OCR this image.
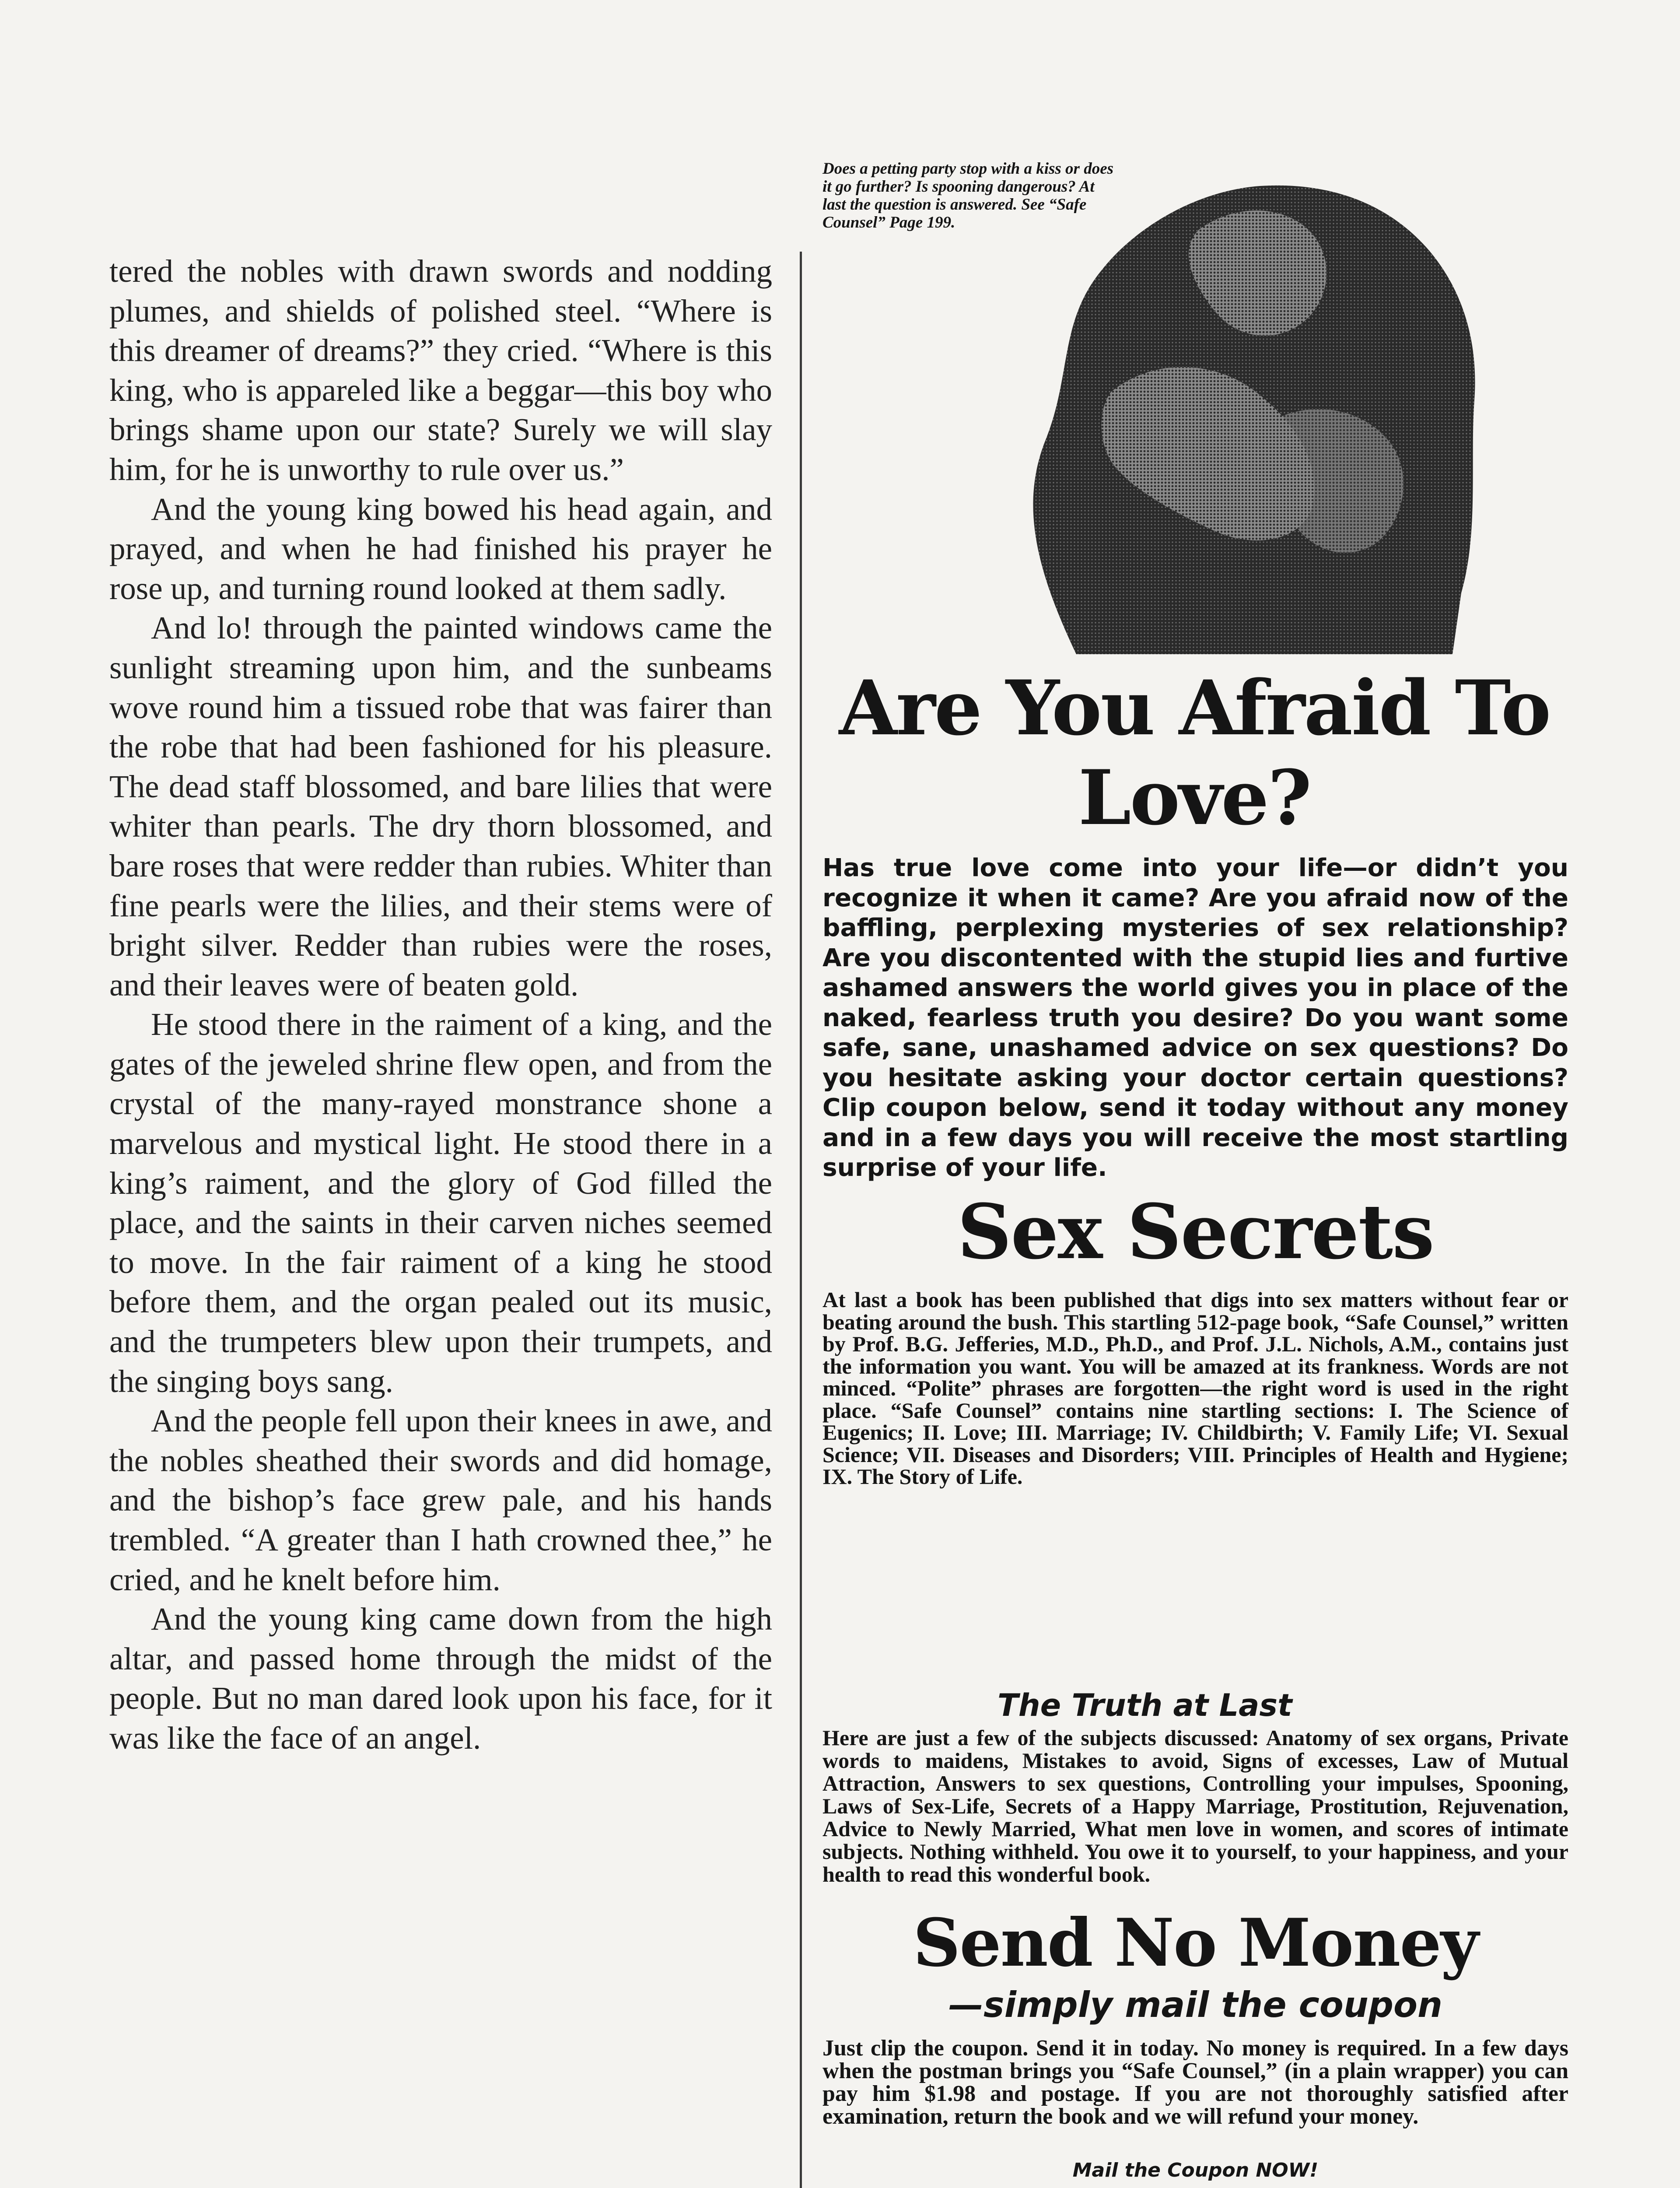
tered the nobles with drawn swords and nodding plumes, and shields of polished steel. “Where is this dreamer of dreams?” they cried. “Where is this king, who is appareled like a beggar—this boy who brings shame upon our state? Surely we will slay him, for he is unworthy to rule over us.”

And the young king bowed his head again, and prayed, and when he had finished his prayer he rose up, and turning round looked at them sadly.

And lo! through the painted windows came the sunlight streaming upon him, and the sunbeams wove round him a tissued robe that was fairer than the robe that had been fashioned for his pleasure. The dead staff blossomed, and bare lilies that were whiter than pearls. The dry thorn blossomed, and bare roses that were redder than rubies. Whiter than fine pearls were the lilies, and their stems were of bright silver. Redder than rubies were the roses, and their leaves were of beaten gold.

He stood there in the raiment of a king, and the gates of the jeweled shrine flew open, and from the crystal of the many-rayed monstrance shone a marvelous and mystical light. He stood there in a king’s raiment, and the glory of God filled the place, and the saints in their carven niches seemed to move. In the fair raiment of a king he stood before them, and the organ pealed out its music, and the trumpeters blew upon their trumpets, and the singing boys sang.

And the people fell upon their knees in awe, and the nobles sheathed their swords and did homage, and the bishop’s face grew pale, and his hands trembled. “A greater than I hath crowned thee,” he cried, and he knelt before him.

And the young king came down from the high altar, and passed home through the midst of the people. But no man dared look upon his face, for it was like the face of an angel.

Does a petting party stop with a kiss or does it go further? Is spooning dangerous? At last the question is answered. See “Safe Counsel” Page 199.
Are You Afraid To Love?
Has true love come into your life—or didn’t you recognize it when it came? Are you afraid now of the baffling, perplexing mysteries of sex relationship? Are you discontented with the stupid lies and furtive ashamed answers the world gives you in place of the naked, fearless truth you desire? Do you want some safe, sane, unashamed advice on sex questions? Do you hesitate asking your doctor certain questions? Clip coupon below, send it today without any money and in a few days you will receive the most startling surprise of your life.
Sex Secrets
At last a book has been published that digs into sex matters without fear or beating around the bush. This startling 512-page book, “Safe Counsel,” written by Prof. B.G. Jefferies, M.D., Ph.D., and Prof. J.L. Nichols, A.M., contains just the information you want. You will be amazed at its frankness. Words are not minced. “Polite” phrases are forgotten—the right word is used in the right place. “Safe Counsel” contains nine startling sections: I. The Science of Eugenics; II. Love; III. Marriage; IV. Childbirth; V. Family Life; VI. Sexual Science; VII. Diseases and Disorders; VIII. Principles of Health and Hygiene; IX. The Story of Life.
The Truth at Last
Here are just a few of the subjects discussed: Anatomy of sex organs, Private words to maidens, Mistakes to avoid, Signs of excesses, Law of Mutual Attraction, Answers to sex questions, Controlling your impulses, Spooning, Laws of Sex-Life, Secrets of a Happy Marriage, Prostitution, Rejuvenation, Advice to Newly Married, What men love in women, and scores of intimate subjects. Nothing withheld. You owe it to yourself, to your happiness, and your health to read this wonderful book.
Send No Money
—simply mail the coupon
Just clip the coupon. Send it in today. No money is required. In a few days when the postman brings you “Safe Counsel,” (in a plain wrapper) you can pay him $1.98 and postage. If you are not thoroughly satisfied after examination, return the book and we will refund your money.
Mail the Coupon NOW!
